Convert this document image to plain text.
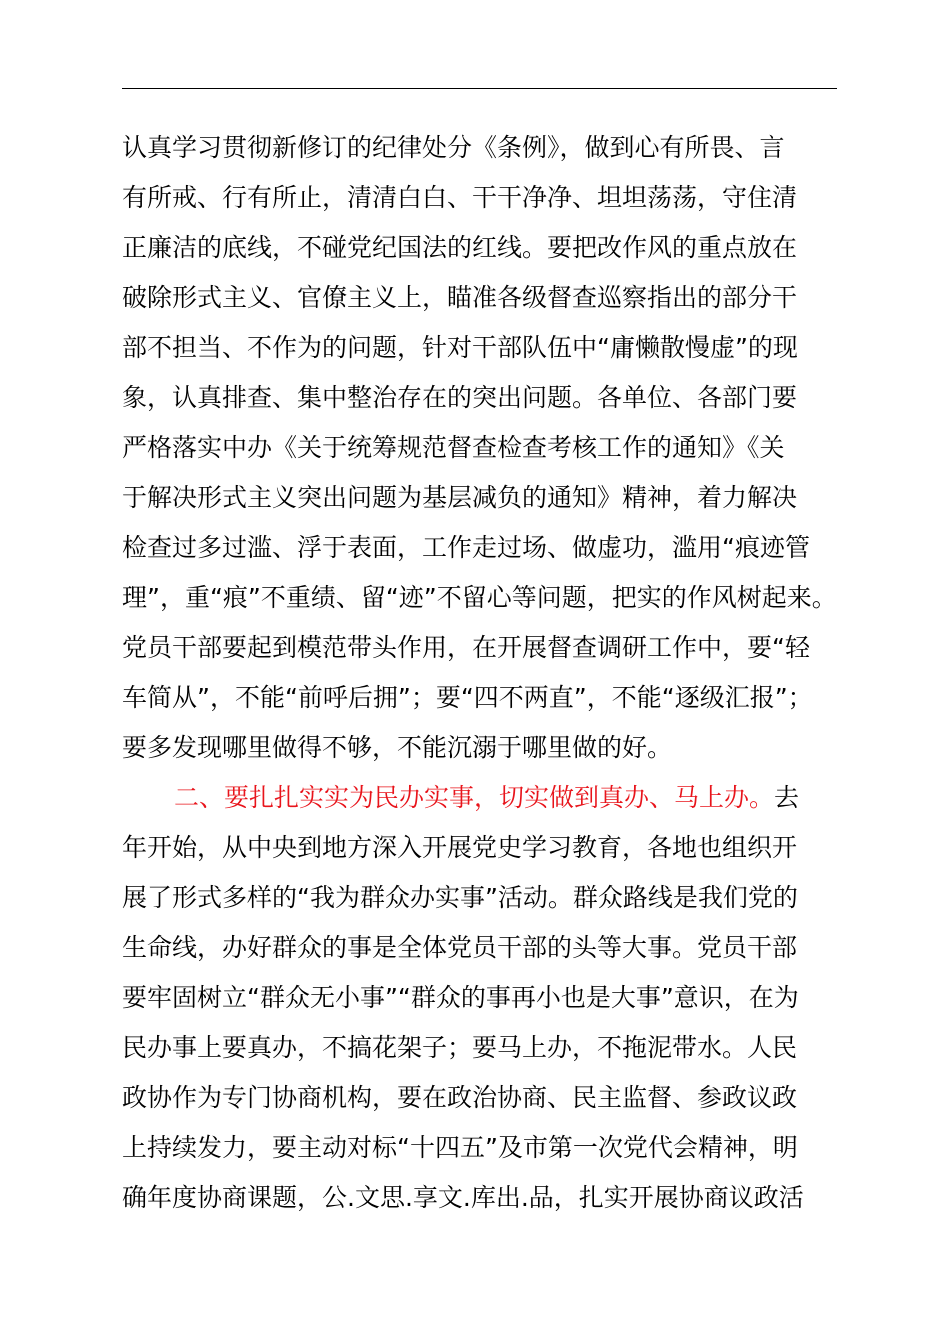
认真学习贯彻新修订的纪律处分《条例》，做到心有所畏、言
有所戒、行有所止，清清白白、干干净净、坦坦荡荡，守住清
正廉洁的底线，不碰党纪国法的红线。要把改作风的重点放在
破除形式主义、官僚主义上，瞄准各级督查巡察指出的部分干
部不担当、不作为的问题，针对干部队伍中“庸懒散慢虚”的现
象，认真排查、集中整治存在的突出问题。各单位、各部门要
严格落实中办《关于统筹规范督查检查考核工作的通知》《关
于解决形式主义突出问题为基层减负的通知》精神，着力解决
检查过多过滥、浮于表面，工作走过场、做虚功，滥用“痕迹管
理”，重“痕”不重绩、留“迹”不留心等问题，把实的作风树起来。
党员干部要起到模范带头作用，在开展督查调研工作中，要“轻
车简从”，不能“前呼后拥”；要“四不两直”，不能“逐级汇报”；
要多发现哪里做得不够，不能沉溺于哪里做的好。
二、要扎扎实实为民办实事，切实做到真办、马上办。去
年开始，从中央到地方深入开展党史学习教育，各地也组织开
展了形式多样的“我为群众办实事”活动。群众路线是我们党的
生命线，办好群众的事是全体党员干部的头等大事。党员干部
要牢固树立“群众无小事”“群众的事再小也是大事”意识，在为
民办事上要真办，不搞花架子；要马上办，不拖泥带水。人民
政协作为专门协商机构，要在政治协商、民主监督、参政议政
上持续发力，要主动对标“十四五”及市第一次党代会精神，明
确年度协商课题，公.文思.享文.库出.品，扎实开展协商议政活
